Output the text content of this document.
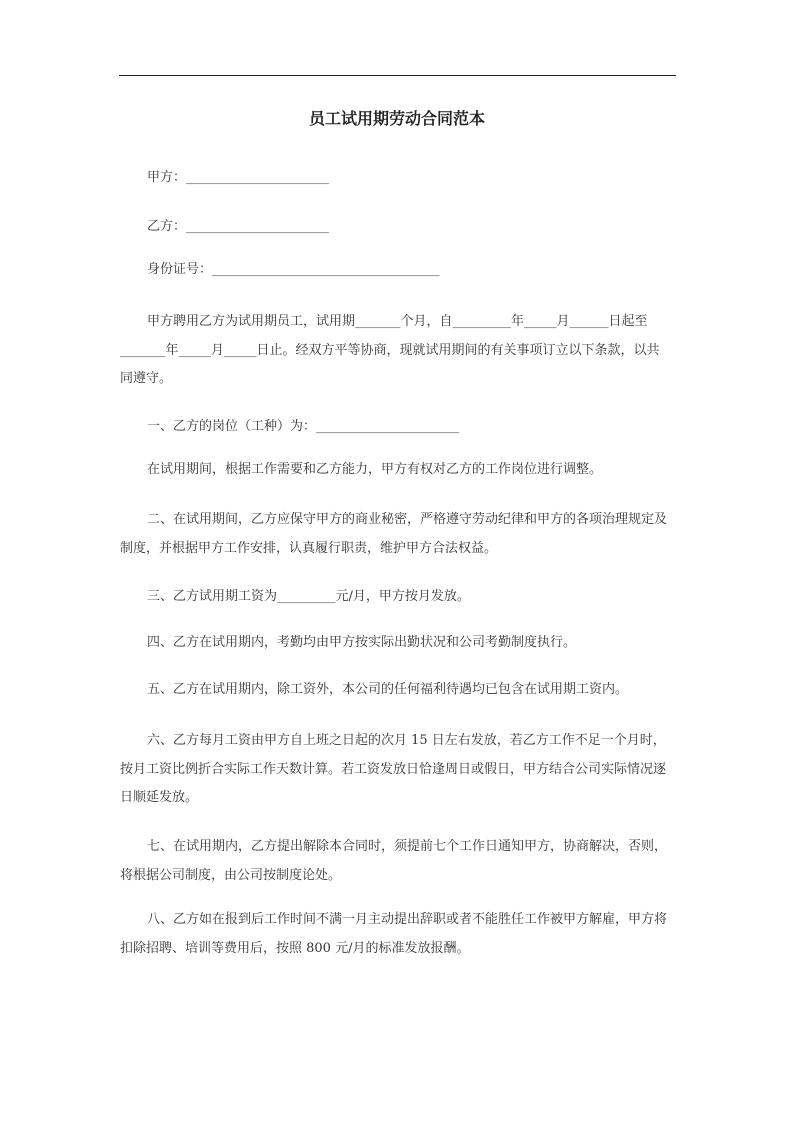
员工试用期劳动合同范本
甲方：______________________
乙方：______________________
身份证号：___________________________________
甲方聘用乙方为试用期员工，试用期_______个月，自_________年_____月______日起至
_______年_____月_____日止。经双方平等协商，现就试用期间的有关事项订立以下条款，以共
同遵守。
一、乙方的岗位（工种）为：______________________
在试用期间，根据工作需要和乙方能力，甲方有权对乙方的工作岗位进行调整。
二、在试用期间，乙方应保守甲方的商业秘密，严格遵守劳动纪律和甲方的各项治理规定及
制度，并根据甲方工作安排，认真履行职责，维护甲方合法权益。
三、乙方试用期工资为_________元/月，甲方按月发放。
四、乙方在试用期内，考勤均由甲方按实际出勤状况和公司考勤制度执行。
五、乙方在试用期内，除工资外，本公司的任何福利待遇均已包含在试用期工资内。
六、乙方每月工资由甲方自上班之日起的次月 15 日左右发放，若乙方工作不足一个月时，
按月工资比例折合实际工作天数计算。若工资发放日恰逢周日或假日，甲方结合公司实际情况逐
日顺延发放。
七、在试用期内，乙方提出解除本合同时，须提前七个工作日通知甲方，协商解决，否则，
将根据公司制度，由公司按制度论处。
八、乙方如在报到后工作时间不满一月主动提出辞职或者不能胜任工作被甲方解雇，甲方将
扣除招聘、培训等费用后，按照 800 元/月的标准发放报酬。
